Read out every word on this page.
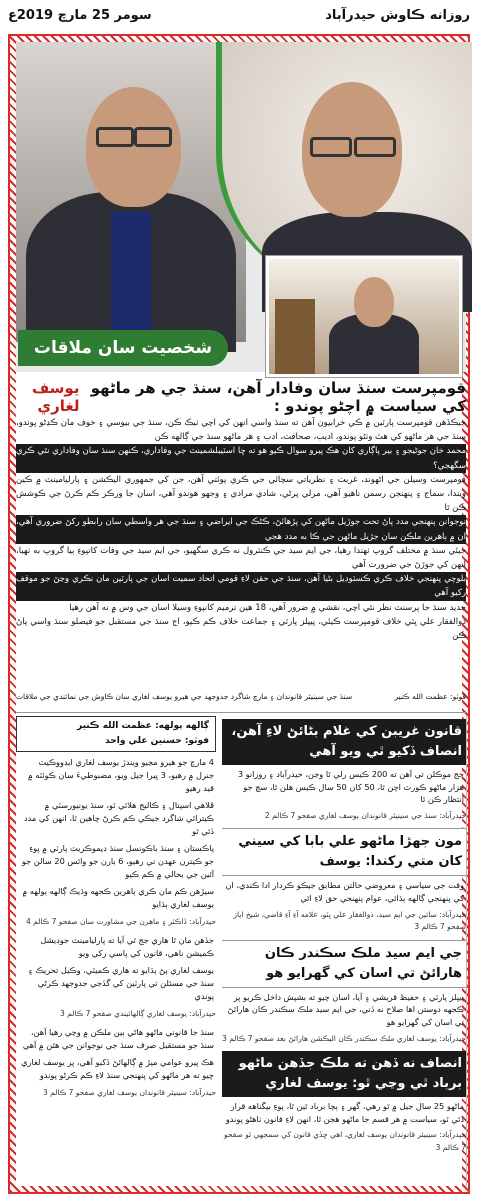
سومر 25 مارچ 2019ع	روزانه ڪاوش حيدرآباد
شخصيت سان ملاقات
قومپرست سنڌ سان وفادار آهن، سنڌ جي هر ماڻهو کي سياست ۾ اچڻو پوندو :
يوسف لغاري

جيڪڏهن قومپرست پارٽين ۾ ڪي خرابيون آهن ته سنڌ واسي انهن کي اچي ٺيڪ ڪن، سنڌ جي بيوسي ۽ خوف مان ڪڍڻو پوندو، سنڌ جي هر ماڻهو کي هٿ وٺڻو پوندو، اديب، صحافت، ادب ۽ هر ماڻهو سنڌ جي ڳالهه ڪن

محمد خان جوڻيجو ۽ بير پاڳاري کان هڪ پيرو سوال ڪيو هو ته ڇا اسٽيبلشمينٽ جي وفاداري، ڪنهن سنڌ سان وفاداري نٿي ڪري سگهجي؟

قومپرست وسيلن جي اڻهوند، غربت ۽ نظرياتي سچائي جي ڪري پوئتي آهن، جن کي جمهوري اليڪشن ۽ پارليامينٽ ۾ ڪين ويندا، سماج ۽ پنهنجن رسمن ناهيو آهي، مرلي پرڻي، شادي مرادي ۽ وجهو هوندو آهي، اسان جا ورڪر ڪم ڪرڻ جي ڪوشش ڪن ٿا

نوجوانن پنهنجي مدد پاڻ تحت جوڙيل ماڻهن کي پڙهائڻ، ڪڻڪ جي ايراضي ۽ سنڌ جي هر واسطي سان رابطو رکڻ ضروري آهي، ان ۾ ٻاهرين ملڪن سان جڙيل ماڻهن جي ڪا به مدد هجي

جيئي سنڌ ۾ مختلف گروپ ٺهندا رهيا، جي ايم سيد جي ڪنٽرول نه ڪري سگهيو، جي ايم سيد جي وفات کانپوءِ ٻيا گروپ به ٺهيا، انهن کي جوڙڻ جي ضرورت آهي

بلوچي پنهنجي خلاف ڪري ڪسٽوڊيل بڻيا آهن، سنڌ جي حقن لاءِ قومي اتحاد سميت اسان جي پارٽين مان نڪري وڃڻ جو موقف رکيو آهي

جديد سنڌ جا پرسنٽ نظر نٿي اچي، نقشي ۾ ضرور آهي، 18 هين ترميم کانپوءِ وسيلا اسان جي وس ۾ نه آهن رهيا

ذوالفقار علي ڀٽي خلاف قومپرست ڪيئي، پيپلز پارٽي ۽ جماعت خلاف ڪم ڪيو، اڄ سنڌ جي مستقبل جو فيصلو سنڌ واسي پاڻ ڪن

ڦوٽو: عظمت الله ڪنير
سنڌ جي سينيئر قانوندان ۽ مارچ شاگرد جدوجهد جي هيرو يوسف لغاري سان ڪاوش جي نمائندي جي ملاقات
ڳالهه ٻولهه: عظمت الله ڪنير
فوٽو: حسنين علي واحد

4 مارچ جو هيرو مڃيو ويندڙ يوسف لغاري ايڊووڪيٽ جنرل ۾ رهيو، 3 ڀيرا جيل ويو، مضبوطيءَ سان ڪوئٽه ۾ قيد رهيو

ڦلاهي اسپتال ۽ ڪاليج هلائي ٿو، سنڌ يونيورسٽي ۾ ڪيترائي شاگرد جيڪي ڪم ڪرڻ چاهين ٿا، انهن کي مدد ڏئي ٿو

پاڪستان ۽ سنڌ باڪونسل سنڌ ڊيموڪريٽ پارٽي ۾ پوءِ جو ڪيترن عهدن تي رهيو، 6 بارن جو وائس 20 سالن جو آئين جي بحالي ۾ ڪم ڪيو

سيڙهن ڪم مان ڪري ٻاهرين ڪجهه وڌيڪ ڳالهه ٻولهه ۾ يوسف لغاري ٻڌايو

حيدرآباد: ڏاڪٽر ۽ ماهرن جي مشاورت سان صفحو 7 ڪالم 4

جڏهن مان ٿا هاري جج ٿي آيا ته پارليامينٽ جوڊيشل ڪميشن ناهي، قانون کي پاسي رکي ويو

يوسف لغاري پڻ ٻڌايو ته هاري ڪميٽي، وڪيل تحريڪ ۽ سنڌ جي مسئلن تي پارٽين کي گڏجي جدوجهد ڪرڻي پوندي

حيدرآباد: يوسف لغاري ڳالهائيندي صفحو 7 ڪالم 3

سنڌ جا قانوني ماڻهو هاڻي ٻين ملڪن ۾ وڃي رهيا آهن، سنڌ جو مستقبل صرف سنڌ جي نوجوانن جي هٿن ۾ آهي

هڪ پيرو عوامي ميڙ ۾ ڳالهائڻ ڏکيو آهي، پر يوسف لغاري چيو ته هر ماڻهو کي پنهنجي سنڌ لاءِ ڪم ڪرڻو پوندو

حيدرآباد: سينيئر قانوندان يوسف لغاري صفحو 7 ڪالم 3
قانون غريبن کي غلام بڻائڻ لاءِ آهن، انصاف ڏکيو ٿي ويو آهي

جج موڪلن تي آهن ته 200 ڪيس رلي ٿا وڃن، حيدرآباد ۽ روزانو 3 هزار ماڻهو ڪورٽ اچن ٿا، 50 کان 50 سال ڪيس هلن ٿا، سچ جو انتظار ڪن ٿا

حيدرآباد: سنڌ جي سينيئر قانوندان يوسف لغاري صفحو 7 ڪالم 2
مون جهڙا ماڻهو علي بابا کي سيني کان متي رکندا: يوسف

وقت جي سياسي ۽ معروضي حالتن مطابق جيڪو ڪردار ادا ڪندي، ان کي پنهنجي ڳالهه ٻڌائي، عوام پنهنجي حق لاءِ اٿي

حيدرآباد: سائين جي ايم سيد، ذوالفقار علي ڀٽو، علامه آءِ آءِ قاضي، شيخ اياز صفحو 7 ڪالم 3
جي ايم سيد ملڪ سڪندر ڪان هارائڻ تي اسان کي گهرايو هو

پيپلز پارٽي ۽ حفيظ قريشي ۽ آيا، اسان چيو ته بشپش داخل ڪريو پر ڪجهه دوستن اها صلاح نه ڏني، جي ايم سيد ملڪ سڪندر ڪان هارائڻ تي اسان کي گهرايو هو

حيدرآباد: يوسف لغاري ملڪ سڪندر ڪان اليڪشن هارائڻ بعد صفحو 7 ڪالم 3
انصاف نه ڏهن ته ملڪ جڏهن ماڻهو برباد ٿي وڃي ٿو: يوسف لغاري

ماڻهو 25 سال جيل ۾ ٿو رهي، گهر ۽ ٻچا برباد ٿين ٿا، پوءِ بيگناهه قرار ڏئي ٿو، سياست ۾ هر قسم جا ماڻهو هجن ٿا، انهن لاءِ قانون ٺاهڻو پوندو

حيدرآباد: سينيئر قانوندان يوسف لغاري، اهي ڇڏي قانون کي سمجهي ٿو صفحو 7 ڪالم 3
